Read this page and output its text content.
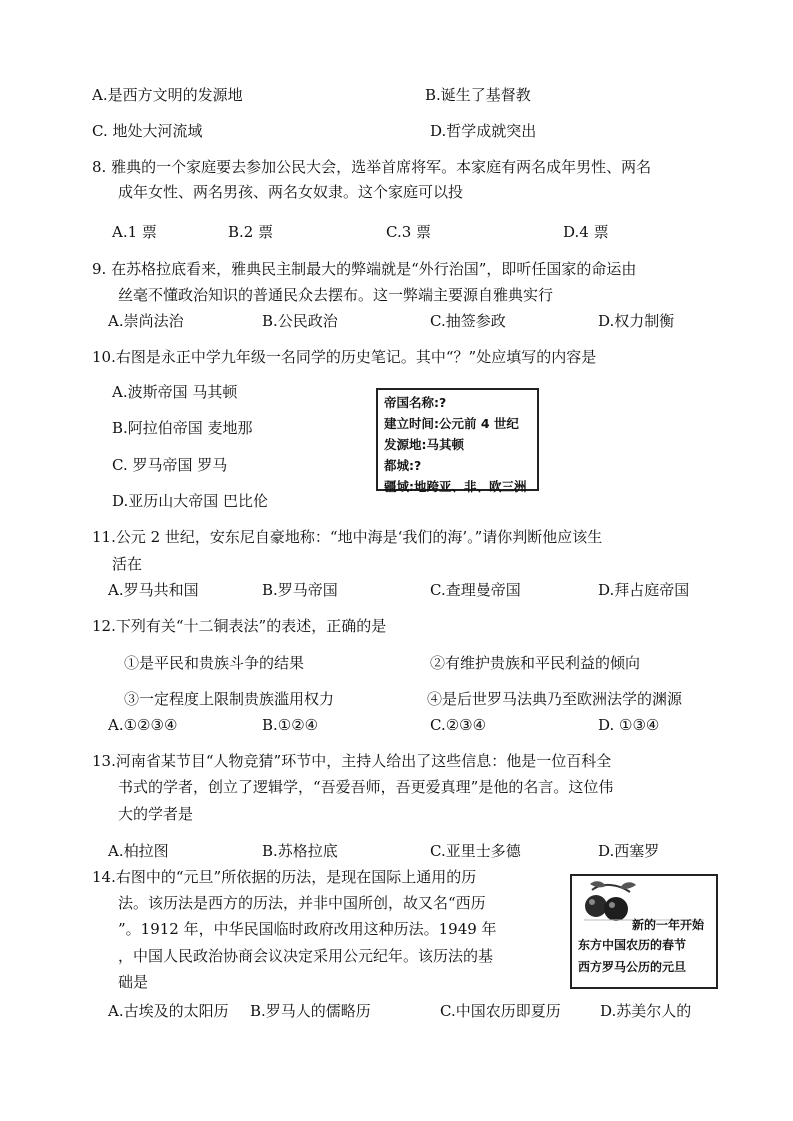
A.是西方文明的发源地	B.诞生了基督教
C. 地处大河流域	D.哲学成就突出
8. 雅典的一个家庭要去参加公民大会，选举首席将军。本家庭有两名成年男性、两名
成年女性、两名男孩、两名女奴隶。这个家庭可以投
A.1 票	B.2 票	C.3 票	D.4 票
9. 在苏格拉底看来，雅典民主制最大的弊端就是“外行治国”，即听任国家的命运由
丝毫不懂政治知识的普通民众去摆布。这一弊端主要源自雅典实行
A.崇尚法治	B.公民政治	C.抽签参政	D.权力制衡
10.右图是永正中学九年级一名同学的历史笔记。其中“？”处应填写的内容是
A.波斯帝国 马其顿
B.阿拉伯帝国 麦地那
C. 罗马帝国 罗马
D.亚历山大帝国 巴比伦
帝国名称:?
建立时间:公元前 4 世纪
发源地:马其顿
都城:?
疆域:地跨亚、非、欧三洲
11.公元 2 世纪，安东尼自豪地称：“地中海是‘我们的海’。”请你判断他应该生
活在
A.罗马共和国	B.罗马帝国	C.查理曼帝国	D.拜占庭帝国
12.下列有关“十二铜表法”的表述，正确的是
①是平民和贵族斗争的结果	②有维护贵族和平民利益的倾向
③一定程度上限制贵族滥用权力	④是后世罗马法典乃至欧洲法学的渊源
A.①②③④	B.①②④	C.②③④	D. ①③④
13.河南省某节目“人物竞猜”环节中，主持人给出了这些信息：他是一位百科全
书式的学者，创立了逻辑学，“吾爱吾师，吾更爱真理”是他的名言。这位伟
大的学者是
A.柏拉图	B.苏格拉底	C.亚里士多德	D.西塞罗
14.右图中的“元旦”所依据的历法，是现在国际上通用的历
法。该历法是西方的历法，并非中国所创，故又名“西历
”。1912 年，中华民国临时政府改用这种历法。1949 年
，中国人民政治协商会议决定采用公元纪年。该历法的基
础是
A.古埃及的太阳历 B.罗马人的儒略历	C.中国农历即夏历	D.苏美尔人的
新的一年开始
东方中国农历的春节
西方罗马公历的元旦
